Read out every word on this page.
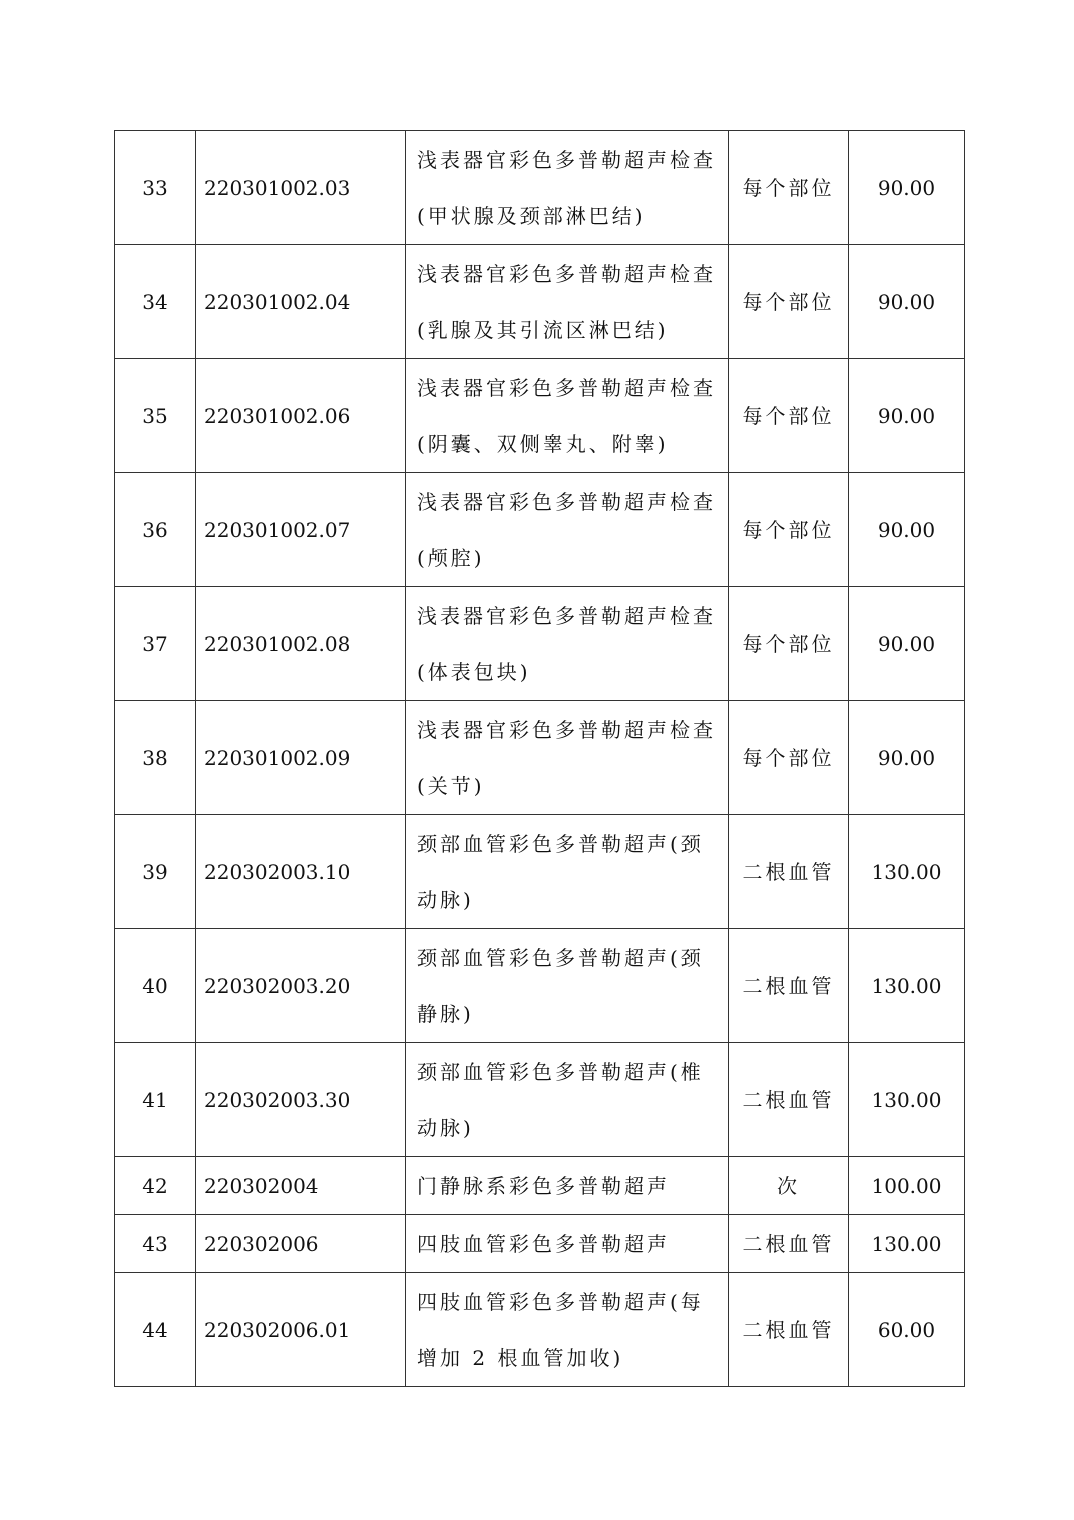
33	220301002.03	浅表器官彩色多普勒超声检查(甲状腺及颈部淋巴结)	每个部位	90.00
34	220301002.04	浅表器官彩色多普勒超声检查(乳腺及其引流区淋巴结)	每个部位	90.00
35	220301002.06	浅表器官彩色多普勒超声检查(阴囊、双侧睾丸、附睾)	每个部位	90.00
36	220301002.07	浅表器官彩色多普勒超声检查(颅腔)	每个部位	90.00
37	220301002.08	浅表器官彩色多普勒超声检查(体表包块)	每个部位	90.00
38	220301002.09	浅表器官彩色多普勒超声检查(关节)	每个部位	90.00
39	220302003.10	颈部血管彩色多普勒超声(颈动脉)	二根血管	130.00
40	220302003.20	颈部血管彩色多普勒超声(颈静脉)	二根血管	130.00
41	220302003.30	颈部血管彩色多普勒超声(椎动脉)	二根血管	130.00
42	220302004	门静脉系彩色多普勒超声	次	100.00
43	220302006	四肢血管彩色多普勒超声	二根血管	130.00
44	220302006.01	四肢血管彩色多普勒超声(每增加 2 根血管加收)	二根血管	60.00
